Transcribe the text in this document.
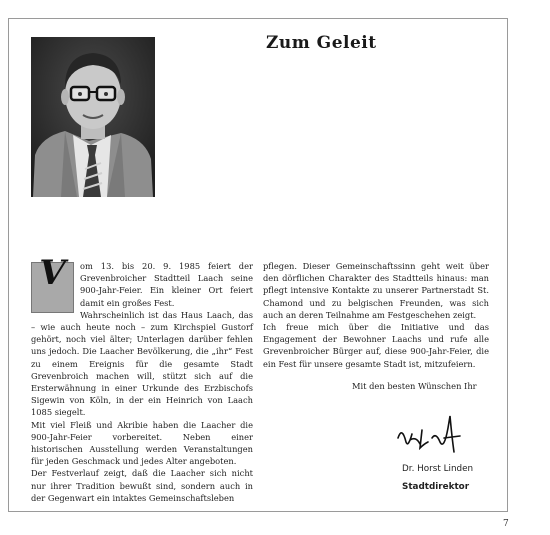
Zum Geleit
V	om 13. bis 20. 9. 1985 feiert der Grevenbroicher Stadtteil Laach seine 900-Jahr-Feier. Ein kleiner Ort feiert damit ein großes Fest.

Wahrscheinlich ist das Haus Laach, das – wie auch heute noch – zum Kirchspiel Gustorf gehört, noch viel älter; Unterlagen darüber fehlen uns jedoch. Die Laacher Bevölkerung, die „ihr“ Fest zu einem Ereignis für die gesamte Stadt Grevenbroich machen will, stützt sich auf die Ersterwähnung in einer Urkunde des Erzbischofs Sigewin von Köln, in der ein Heinrich von Laach 1085 siegelt.

Mit viel Fleiß und Akribie haben die Laacher die 900-Jahr-Feier vorbereitet. Neben einer historischen Ausstellung werden Veranstaltungen für jeden Geschmack und jedes Alter angeboten.

Der Festverlauf zeigt, daß die Laacher sich nicht nur ihrer Tradition bewußt sind, sondern auch in der Gegenwart ein intaktes Gemeinschaftsleben

pflegen. Dieser Gemeinschaftssinn geht weit über den dörflichen Charakter des Stadtteils hinaus: man pflegt intensive Kontakte zu unserer Partnerstadt St. Chamond und zu belgischen Freunden, was sich auch an deren Teilnahme am Festgeschehen zeigt.

Ich freue mich über die Initiative und das Engagement der Bewohner Laachs und rufe alle Grevenbroicher Bürger auf, diese 900-Jahr-Feier, die ein Fest für unsere gesamte Stadt ist, mitzufeiern.

Mit den besten Wünschen Ihr
Dr. Horst Linden
Stadtdirektor
7
